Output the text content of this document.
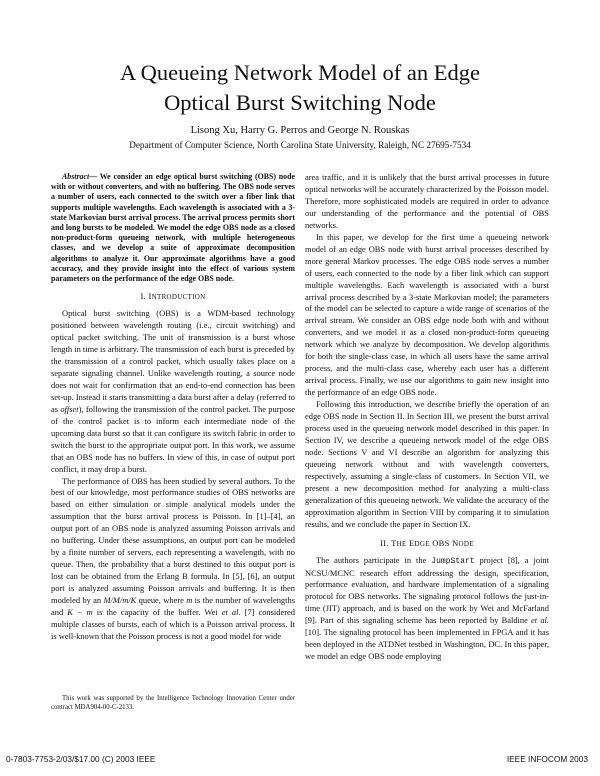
A Queueing Network Model of an Edge
Optical Burst Switching Node

Lisong Xu, Harry G. Perros and George N. Rouskas

Department of Computer Science, North Carolina State University, Raleigh, NC 27695-7534

Abstract— We consider an edge optical burst switching (OBS) node with or without converters, and with no buffering. The OBS node serves a number of users, each connected to the switch over a fiber link that supports multiple wavelengths. Each wavelength is associated with a 3-state Markovian burst arrival process. The arrival process permits short and long bursts to be modeled. We model the edge OBS node as a closed non-product-form queueing network, with multiple heterogeneous classes, and we develop a suite of approximate decomposition algorithms to analyze it. Our approximate algorithms have a good accuracy, and they provide insight into the effect of various system parameters on the performance of the edge OBS node.

I. INTRODUCTION

Optical burst switching (OBS) is a WDM-based technology positioned between wavelength routing (i.e., circuit switching) and optical packet switching. The unit of transmission is a burst whose length in time is arbitrary. The transmission of each burst is preceded by the transmission of a control packet, which usually takes place on a separate signaling channel. Unlike wavelength routing, a source node does not wait for confirmation that an end-to-end connection has been set-up. Instead it starts transmitting a data burst after a delay (referred to as offset), following the transmission of the control packet. The purpose of the control packet is to inform each intermediate node of the upcoming data burst so that it can configure its switch fabric in order to switch the burst to the appropriate output port. In this work, we assume that an OBS node has no buffers. In view of this, in case of output port conflict, it may drop a burst.

The performance of OBS has been studied by several authors. To the best of our knowledge, most performance studies of OBS networks are based on either simulation or simple analytical models under the assumption that the burst arrival process is Poisson. In [1]–[4], an output port of an OBS node is analyzed assuming Poisson arrivals and no buffering. Under these assumptions, an output port can be modeled by a finite number of servers, each representing a wavelength, with no queue. Then, the probability that a burst destined to this output port is lost can be obtained from the Erlang B formula. In [5], [6], an output port is analyzed assuming Poisson arrivals and buffering. It is then modeled by an M/M/m/K queue, where m is the number of wavelengths and K − m is the capacity of the buffer. Wei et al. [7] considered multiple classes of bursts, each of which is a Poisson arrival process. It is well-known that the Poisson process is not a good model for wide

This work was supported by the Intelligence Technology Innovation Center under contract MDA904-00-C-2133.

area traffic, and it is unlikely that the burst arrival processes in future optical networks will be accurately characterized by the Poisson model. Therefore, more sophisticated models are required in order to advance our understanding of the performance and the potential of OBS networks.

In this paper, we develop for the first time a queueing network model of an edge OBS node with burst arrival processes described by more general Markov processes. The edge OBS node serves a number of users, each connected to the node by a fiber link which can support multiple wavelengths. Each wavelength is associated with a burst arrival process described by a 3-state Markovian model; the parameters of the model can be selected to capture a wide range of scenarios of the arrival stream. We consider an OBS edge node both with and without converters, and we model it as a closed non-product-form queueing network which we analyze by decomposition. We develop algorithms for both the single-class case, in which all users have the same arrival process, and the multi-class case, whereby each user has a different arrival process. Finally, we use our algorithms to gain new insight into the performance of an edge OBS node.

Following this introduction, we describe briefly the operation of an edge OBS node in Section II. In Section III, we present the burst arrival process used in the queueing network model described in this paper. In Section IV, we describe a queueing network model of the edge OBS node. Sections V and VI describe an algorithm for analyzing this queueing network without and with wavelength converters, respectively, assuming a single-class of customers. In Section VII, we present a new decomposition method for analyzing a multi-class generalization of this queueing network. We validate the accuracy of the approximation algorithm in Section VIII by comparing it to simulation results, and we conclude the paper in Section IX.

II. THE EDGE OBS NODE

The authors participate in the JumpStart project [8], a joint NCSU/MCNC research effort addressing the design, specification, performance evaluation, and hardware implementation of a signaling protocol for OBS networks. The signaling protocol follows the just-in-time (JIT) approach, and is based on the work by Wei and McFarland [9]. Part of this signaling scheme has been reported by Baldine et al. [10]. The signaling protocol has been implemented in FPGA and it has been deployed in the ATDNet testbed in Washington, DC. In this paper, we model an edge OBS node employing

0-7803-7753-2/03/$17.00 (C) 2003 IEEE	IEEE INFOCOM 2003
